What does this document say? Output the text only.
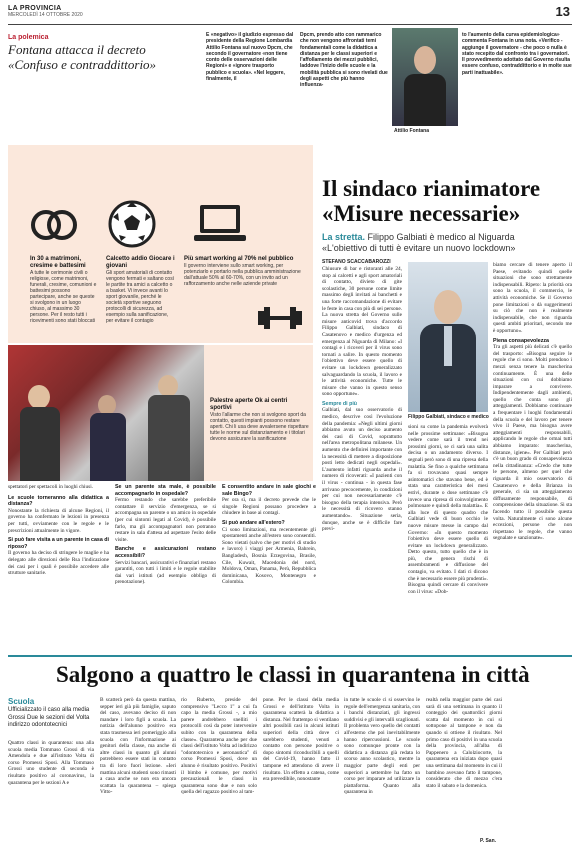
LA PROVINCIA
MERCOLEDÌ 14 OTTOBRE 2020	13
La polemica
Fontana attacca il decreto
«Confuso e contraddittorio»
È «negativo» il giudizio espresso dal presidente della Regione Lombardia Attilio Fontana sul nuovo Dpcm, che secondo il governatore «non tiene conto delle osservazioni delle Regioni» e «ignore trasporto pubblico e scuola». «Nel leggere, finalmente, il
Dpcm, prendo atto con rammarico che non vengono affrontati temi fondamentali come la didattica a distanza per le classi superiori e l'affollamento dei mezzi pubblici, laddove l'inizio delle scuole e la mobilità pubblica si sono rivelati due degli aspetti che più hanno influenza-
Attilio Fontana
to l'aumento della curva epidemiologica» commenta Fontana in una nota. «Verifico - aggiunge il governatore - che poco o nulla è stato recepito dal confronto tra i governatori. Il provvedimento adottato dal Governo risulta essere confuso, contraddittorio e in molte sue parti inattuabile».
In 30 a matrimoni, cresime e battesimi
A tutte le cerimonie civili o religiose, come matrimoni, funerali, cresime, comunioni e battesimi possono partecipare, anche se queste si svolgono in un luogo chiuso, al massimo 30 persone. Per il resto tutti i ricevimenti sono stati bloccati
Calcetto addio Giocare i giovani
Gli sport amatoriali di contatto vengono fermati e saltano così le partite tra amici a calcetto o a basket. Vi invece avanti lo sport giovanile, perché le società sportive seguono protocolli di sicurezza, ad esempio sulla sanificazione, per evitare il contagio
Più smart working al 70% nel pubblico
Il governo interviene sullo smart working, per potenziarlo e portarlo nella pubblica amministrazione dall'attuale 50% al 60-70%, con un invito ad un rafforzamento anche nelle aziende private
Palestre aperte Ok ai centri sportivi
Visto l'allarme che non si svolgono sport da contatto, questi impianti possono restare aperti. Chi li usa deve avvalersene rispettare tutte le norme sul distanziamento e i titolari devono assicurare la sanificazione
spettatori per spettacoli in luoghi chiusi.
Le scuole torneranno alla didattica a distanza?
Nonostante la richiesta di alcune Regioni, il governo ha confermato le lezioni in presenza per tutti, ovviamente con le regole e le prescrizioni attualmente in vigore.
Si può fare visita a un parente in casa di riposo?
Il governo ha deciso di stringere le maglie e ha delegato alle direzioni delle Rsa l'indicazione dei casi per i quali è possibile accedere alle strutture sanitarie.
Se un parente sta male, è possibile accompagnarlo in ospedale?
Fermo restando che sarebbe preferibile contattare il servizio d'emergenza, se si accompagna un parente o un amico in ospedale (per cui sintomi legati al Covid), è possibile farlo, ma gli accompagnatori non potranno restare in sala d'attesa ad aspettare l'esito delle visite.
Banche e assicurazioni restano accessibili?
Servizi bancari, assicurativi e finanziari restano garantiti, con tutti i limiti e le regole stabilite dai vari istituti (ad esempio obbligo di prenotazione).
È consentito andare in sale giochi e sale Bingo?
Per ora sì, ma il decreto prevede che le singole Regioni possano procedere a chiudere in base ai contagi.
Si può andare all'estero?
Ci sono limitazioni, ma recentemente gli spostamenti anche all'estero sono consentiti. Sono vietati (salvo che per motivi di studio e lavoro) i viaggi per Armenia, Bahrein, Bangladesh, Bosnia Erzegovina, Brasile, Cile, Kuwait, Macedonia del nord, Moldova, Oman, Panama, Perù, Repubblica dominicana, Kosovo, Montenegro e Colombia.
Il sindaco rianimatore
«Misure necessarie»
La stretta. Filippo Galbiati è medico al Niguarda
«L'obiettivo di tutti è evitare un nuovo lockdown»
STEFANO SCACCABAROZZI
Chiusure di bar e ristoranti alle 24, stop ai calcetti e agli sport amatoriali di contatto, divieto di gite scolastiche, 30 persone come limite massimo degli invitati ai banchetti e una forte raccomandazione di evitare le feste in casa con più di sei persone. La nuova stretta del Governo sulle misure anticovid trova d'accordo Filippo Galbiati, sindaco di Casatenovo e medico d'urgenza ed emergenza al Niguarda di Milano: «I contagi e i ricoveri per il virus sono tornati a salire. In questo momento l'obiettivo deve essere quello di evitare un lockdown generalizzato salvaguardando la scuola, il lavoro e le attività economiche. Tutte le misure che vanno in questo senso sono opportune».
Sempre di più
Galbiati, dal suo osservatorio di medico, descrive così l'evoluzione della pandemia: «Negli ultimi giorni abbiamo avuto un deciso aumento dei casi di Covid, soprattutto nell'area metropolitana milanese. Un aumento che definirei importante con la necessità di mettere a disposizione posti letto dedicati negli ospedali». L'aumento infatti riguarda anche il numero di ricoverati: «I pazienti con il virus - continua - in questa fase arrivano precocemente, in condizioni per cui non necessariamente c'è bisogno della terapia intensiva. Però le necessità di ricovero stanno aumentando». Situazione seria, dunque, anche se è difficile fare previ-
Filippo Galbiati, sindaco e medico
sioni su come la pandemia evolverà nelle prossime settimane: «Bisogna vedere come sarà il trend nei prossimi giorni, se ci sarà una salita decisa o un andamento diverso. I segnali però sono di una ripresa della malattia. Se fino a qualche settimana fa si trovavano quasi sempre asintomatici che stavano bene, ed è stata una caratteristica dei mesi estivi, durante o dose settimane c'è invece una ripresa di coinvolgimento polmonare e quindi della malattia». E alla luce di questo quadro che Galbiati vede di buon occhio le nuove misure messe in campo dal Governo: «In questo momento l'obiettivo deve essere quello di evitare un lockdown generalizzato. Detto questo, tutto quello che è in più, che genera rischi di assembramenti e diffusione del contagio, va evitato. I dati ci dicono che è necessario essere più prudenti». Bisogna quindi cercare di convivere con il virus: «Dob-
biamo cercare di tenere aperto il Paese, evitando quindi quelle situazioni che sono strettamente indispensabili. Ripeto: la priorità ora sono la scuola, il commercio, le attività economiche. Se il Governo pone limitazioni o dà suggerimenti su ciò che non è realmente indispensabile, che non riguarda questi ambiti prioritari, secondo me è opportuno».
Piena consapevolezza
Tra gli aspetti più delicati c'è quello del trasporto: «Bisogna seguire le regole che ci sono. Molti prendono i mezzi senza tenere la mascherina continuamente. È una delle situazioni con cui dobbiamo imparare a convivere. Indipendentemente dagli ambienti, quello che conta sono gli atteggiamenti. Dobbiamo continuare a frequentare i luoghi fondamentali della scuola e del lavoro per tenere vivo il Paese, ma bisogna avere atteggiamenti responsabili, applicando le regole che ormai tutti abbiamo imparato: mascherina, distanze, igiene». Per Galbiati però c'è un buon grado di consapevolezza nella cittadinanza: «Credo che tutte le persone, almeno per quel che riguarda il mio osservatorio di Casatenovo e della Brianza in generale, ci sia un atteggiamento diffusamente responsabile, di comprensione della situazione. Si sta facendo tutto il possibile questa volta. Naturalmente ci sono alcune eccezioni, persone che non rispettano le regole, che vanno segnalate e sanzionate».
Salgono a quattro le classi in quarantena in città
Scuola
Ufficializzato il caso alla media Grossi Due le sezioni del Volta indirizzo odontotecnici
Quattro classi in quarantena: una alla scuola media Tommaso Grossi di via Amendola e due all'istituto Volta di corso Promessi Sposi. Alla Tommaso Grossi uno studente di seconda è risultato positivo al coronavirus, la quarantena per le sezioni A e
B scatterà però da questa mattina, sepper ieri già più famiglie, saputo del caso, avevano deciso di non mandare i loro figli a scuola. La notizia dell'alunno positivo era stata trasmessa ieri pomeriggio alla scuola con l'informazione ai genitori della classe, ma anche di altre classi in quanto gli alunni potrebbero essere stati in contatto tra di loro fuori lezione. «Ieri mattina alcuni studenti sono rimasti a casa anche se non era ancora scattata la quarantena – spiega Vitto-
rio Ruberto, preside del comprensivo "Lecco 1" a cui fa capo la media Grossi -, a mio parere andrebbero snelliti i protocolli così da poter intervenire subito con la quarantena della classe». Quarantena anche per due classi dell'istituto Volta ad indirizzo "odontotecnico e aeronautica" di corso Promessi Sposi, dove un alunno è risultato positivo. Positivi il bimbo è comune, per motivi precauzionali le classi in quarantena sono due e non solo quella del ragazzo positivo al tam-
pone. Per le classi della media Grossi e dell'istituto Volta in quarantena scatterà la didattica a distanza. Nel frattempo si ventilano altri possibili casi in alcuni istituti superiori della città dove ci sarebbero studenti, venuti a contatto con persone positive o dopo sintomi riconducibili a quelli del Covid-19, hanno fatto il tampone ed attendono di avere il risultato. Un effetto a catena, come era prevedibile, nonostante
in tutte le scuole ci si osservino le regole dell'emergenza sanitaria, con i banchi distanziati, gli ingressi suddivisi e gli intervalli scaglionati. Il problema vero quello del contatti all'esterno che poi inevitabilmente hanno ripercussioni. Le scuole sono comunque pronte con la didattica a distanza già redata lo scorso anno scolastico, mentre la maggior parte degli enti per superiori a settembre ha fatto un corso per imparare ad utilizzare la piattaforma. Quanto alla quarantena in
realtà nella maggior parte dei casi sarà di una settimana in quanto il conteggio dei quattordici giorni scatta dal momento in cui si sottopone al tampone e non da quando si ottiene il risultato. Nel primo caso di positivi in una scuola della provincia, all'alba di Pappenero a Calolziocorte, la quarantena era iniziata dopo quasi una settimana dal momento in cui il bambino avevano fatto il tampone, considerato che di mezzo c'era stato il sabato e la domenica.
P. San.
